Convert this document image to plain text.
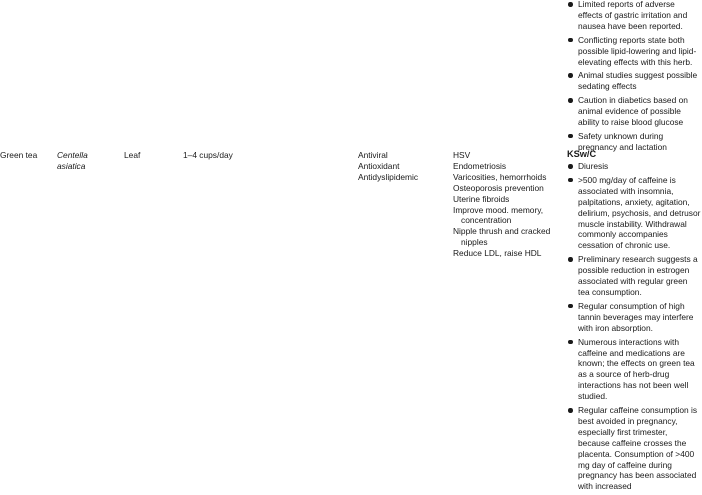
Limited reports of adverse effects of gastric irritation and nausea have been reported.
Conflicting reports state both possible lipid-lowering and lipid-elevating effects with this herb.
Animal studies suggest possible sedating effects
Caution in diabetics based on animal evidence of possible ability to raise blood glucose
Safety unknown during pregnancy and lactation
Green tea Centella asiatica
Leaf	1–4 cups/day	Antiviral
Antioxidant
Antidyslipidemic
HSV
Endometriosis
Varicosities, hemorrhoids
Osteoporosis prevention
Uterine fibroids
Improve mood. memory, concentration
Nipple thrush and cracked nipples
Reduce LDL, raise HDL
KSw/C
Diuresis
>500 mg/day of caffeine is associated with insomnia, palpitations, anxiety, agitation, delirium, psychosis, and detrusor muscle instability. Withdrawal commonly accompanies cessation of chronic use.
Preliminary research suggests a possible reduction in estrogen associated with regular green tea consumption.
Regular consumption of high tannin beverages may interfere with iron absorption.
Numerous interactions with caffeine and medications are known; the effects on green tea as a source of herb-drug interactions has not been well studied.
Regular caffeine consumption is best avoided in pregnancy, especially first trimester, because caffeine crosses the placenta. Consumption of >400 mg day of caffeine during pregnancy has been associated with increased
